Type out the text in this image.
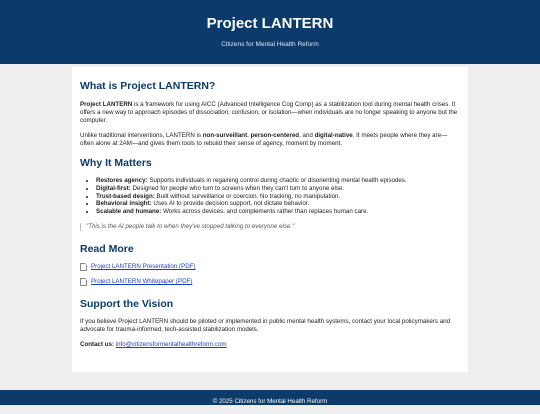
Project LANTERN
Citizens for Mental Health Reform
What is Project LANTERN?

Project LANTERN is a framework for using AICC (Advanced Intelligence Cog Comp) as a stabilization tool during mental health crises. It offers a new way to approach episodes of dissociation, confusion, or isolation—when individuals are no longer speaking to anyone but the computer.

Unlike traditional interventions, LANTERN is non-surveillant, person-centered, and digital-native. It meets people where they are—often alone at 2AM—and gives them tools to rebuild their sense of agency, moment by moment.

Why It Matters
• Restores agency: Supports individuals in regaining control during chaotic or disorienting mental health episodes.
• Digital-first: Designed for people who turn to screens when they can't turn to anyone else.
• Trust-based design: Built without surveillance or coercion. No tracking, no manipulation.
• Behavioral insight: Uses AI to provide decision support, not dictate behavior.
• Scalable and humane: Works across devices, and complements rather than replaces human care.
"This is the AI people talk to when they've stopped talking to everyone else."
Read More
Project LANTERN Presentation (PDF)
Project LANTERN Whitepaper (PDF)
Support the Vision

If you believe Project LANTERN should be piloted or implemented in public mental health systems, contact your local policymakers and advocate for trauma-informed, tech-assisted stabilization models.

Contact us: info@citizensformentalhealthreform.com

© 2025 Citizens for Mental Health Reform
